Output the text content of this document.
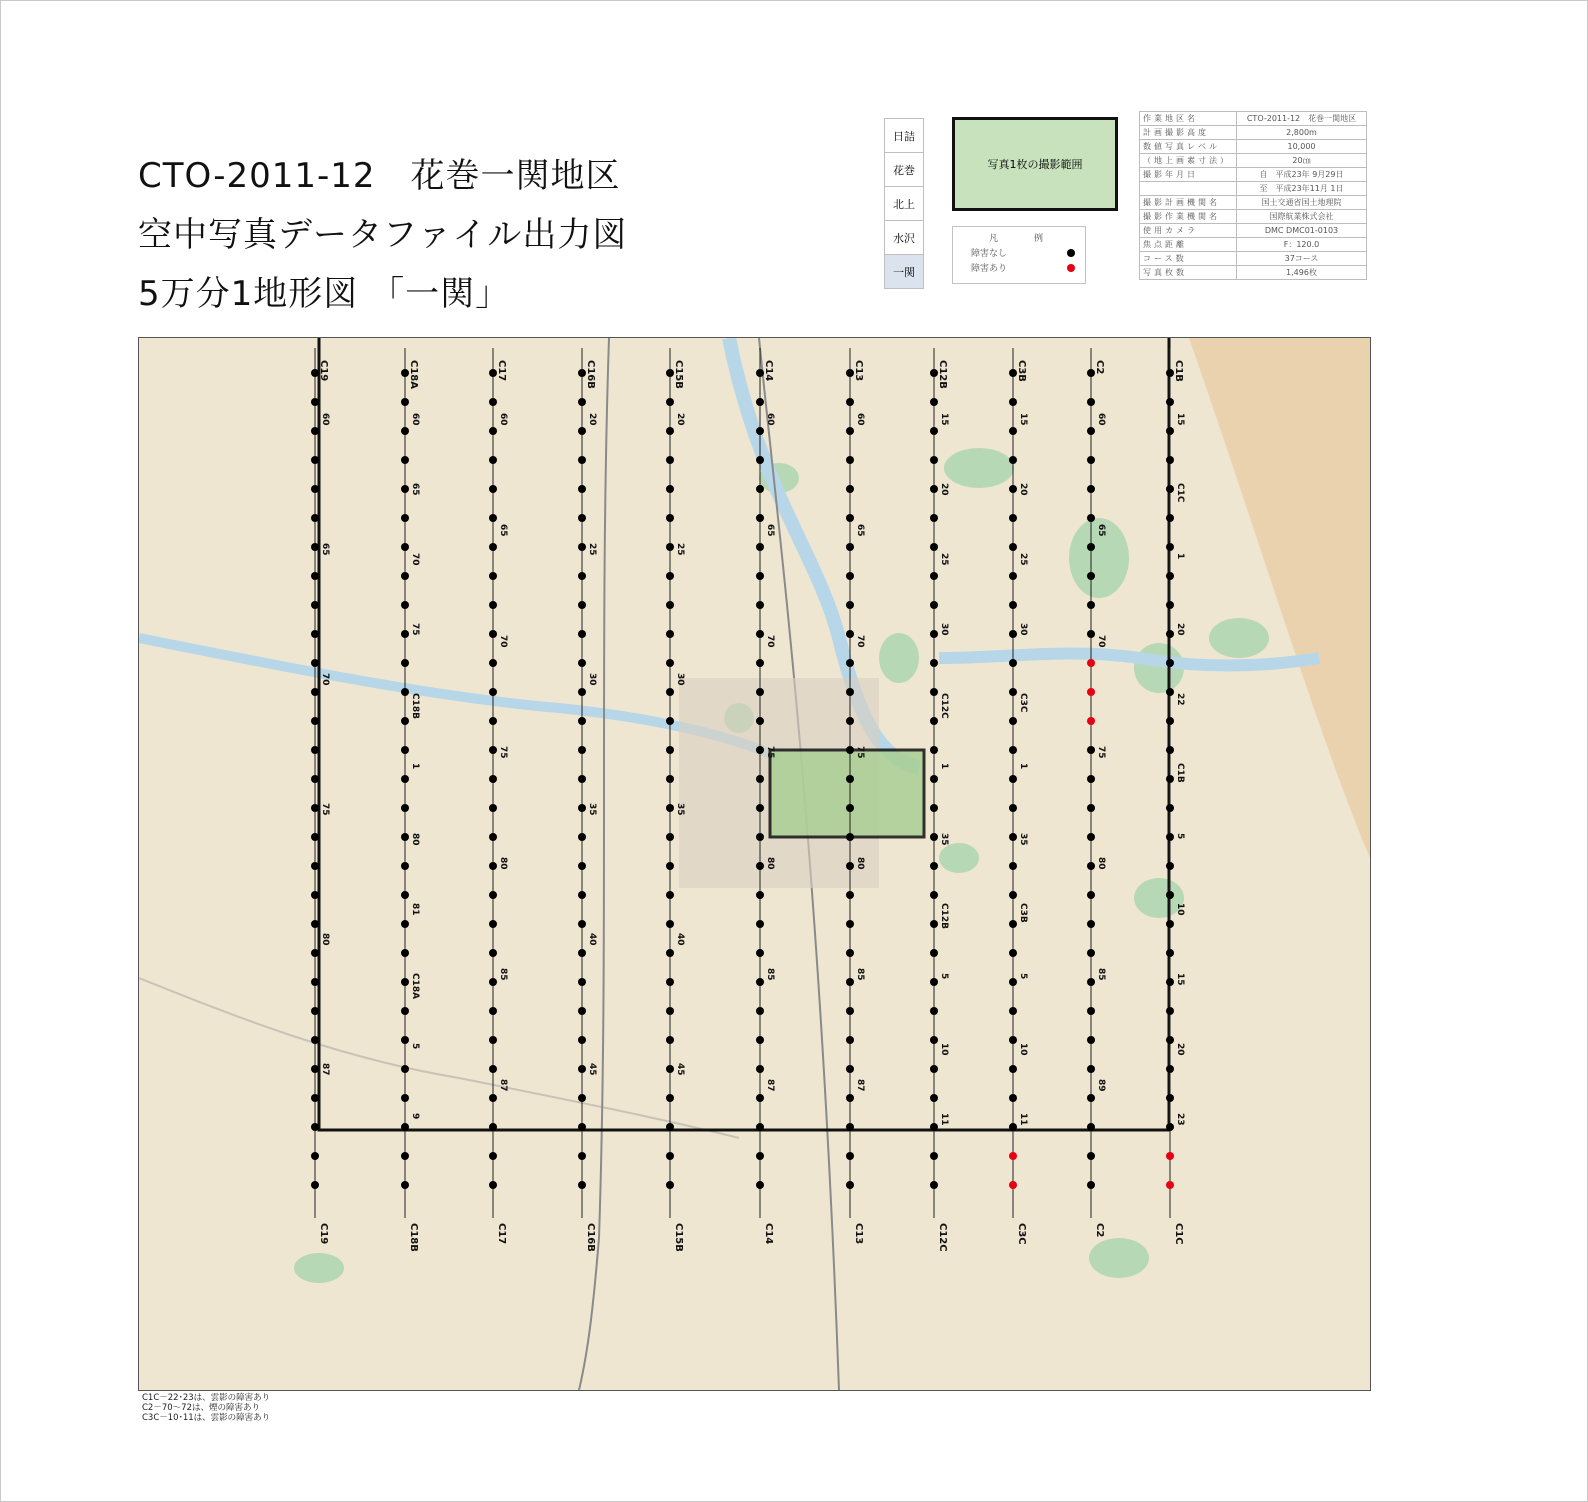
CTO-2011-12　花巻一関地区
空中写真データファイル出力図
5万分1地形図 「一関」
日詰
花巻
北上
水沢
一関
写真1枚の撮影範囲
凡　　例
障害なし
障害あり
作業地区名	CTO-2011-12　花巻一関地区
計画撮影高度	2,800m
数値写真レベル	10,000
（地上画素寸法）	20㎝
撮影年月日	自　平成23年 9月29日
	至　平成23年11月 1日
撮影計画機関名	国土交通省国土地理院
撮影作業機関名	国際航業株式会社
使用カメラ	DMC DMC01-0103
焦点距離	F：120.0
コース数	37コース
写真枚数	1,496枚
C19
C19
60
65
70
75
80
87
C18A
C18B
60
65
70
75
C18B
1
80
81
C18A
5
9
C17
C17
60
65
70
75
80
85
87
C16B
C16B
20
25
30
35
40
45
C15B
C15B
20
25
30
35
40
45
C14
C14
60
65
70
75
80
85
87
C13
C13
60
65
70
75
80
85
87
C12B
C12C
15
20
25
30
C12C
1
35
C12B
5
10
11
C3B
C3C
15
20
25
30
C3C
1
35
C3B
5
10
11
C2
C2
60
65
70
75
80
85
89
C1B
C1C
15
C1C
1
20
22
C1B
5
10
15
20
23
C1C－22･23は、雲影の障害あり
C2－70～72は、煙の障害あり
C3C－10･11は、雲影の障害あり
